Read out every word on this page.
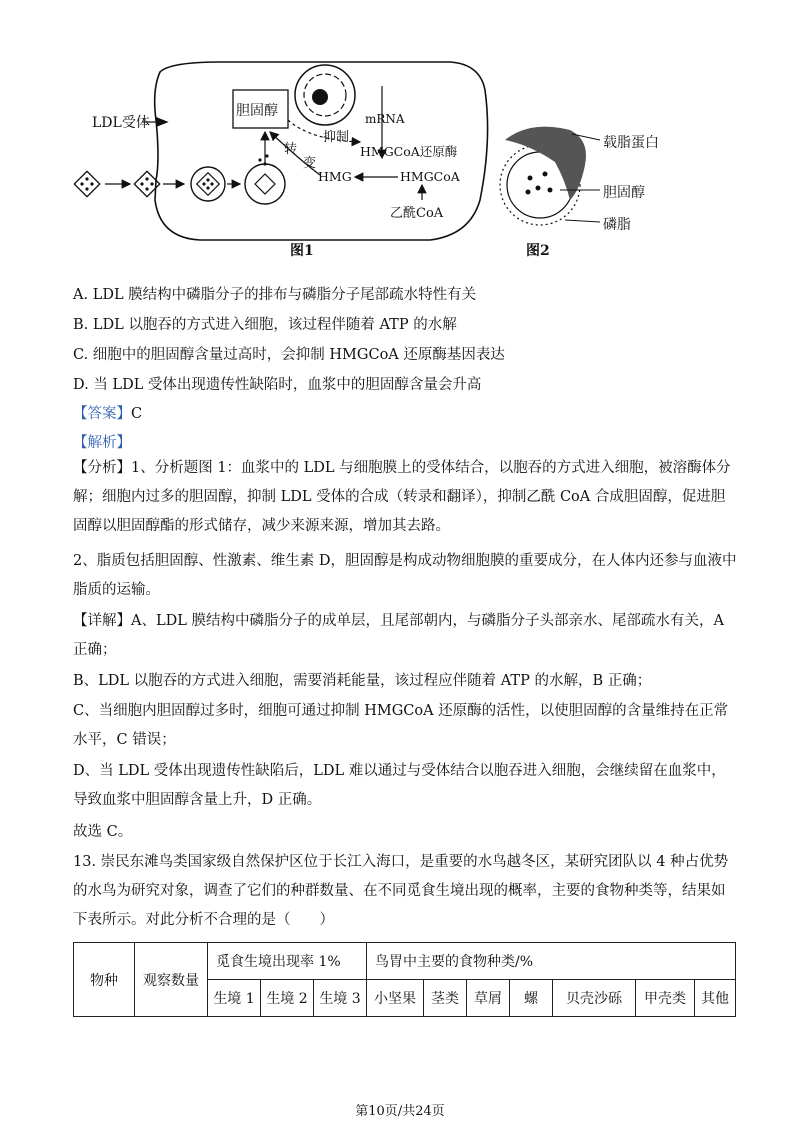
LDL受体
胆固醇
抑制
转
变
mRNA
HMGCoA还原酶
HMG	HMGCoA
乙酰CoA
图1
载脂蛋白
胆固醇
磷脂
图2
A. LDL 膜结构中磷脂分子的排布与磷脂分子尾部疏水特性有关
B. LDL 以胞吞的方式进入细胞，该过程伴随着 ATP 的水解
C. 细胞中的胆固醇含量过高时，会抑制 HMGCoA 还原酶基因表达
D. 当 LDL 受体出现遗传性缺陷时，血浆中的胆固醇含量会升高
【答案】C
【解析】
【分析】1、分析题图 1：血浆中的 LDL 与细胞膜上的受体结合，以胞吞的方式进入细胞，被溶酶体分解；细胞内过多的胆固醇，抑制 LDL 受体的合成（转录和翻译），抑制乙酰 CoA 合成胆固醇，促进胆固醇以胆固醇酯的形式储存，减少来源来源，增加其去路。
2、脂质包括胆固醇、性激素、维生素 D，胆固醇是构成动物细胞膜的重要成分，在人体内还参与血液中脂质的运输。
【详解】A、LDL 膜结构中磷脂分子的成单层，且尾部朝内，与磷脂分子头部亲水、尾部疏水有关，A 正确；
B、LDL 以胞吞的方式进入细胞，需要消耗能量，该过程应伴随着 ATP 的水解，B 正确；
C、当细胞内胆固醇过多时，细胞可通过抑制 HMGCoA 还原酶的活性，以使胆固醇的含量维持在正常水平，C 错误；
D、当 LDL 受体出现遗传性缺陷后，LDL 难以通过与受体结合以胞吞进入细胞，会继续留在血浆中，导致血浆中胆固醇含量上升，D 正确。
故选 C。
13. 崇民东滩鸟类国家级自然保护区位于长江入海口，是重要的水鸟越冬区，某研究团队以 4 种占优势的水鸟为研究对象，调查了它们的种群数量、在不同觅食生境出现的概率，主要的食物种类等，结果如下表所示。对此分析不合理的是（　　）
物种	观察数量	觅食生境出现率 1%			鸟胃中主要的食物种类/%						
		生境 1	生境 2	生境 3	小坚果	茎类	草屑	螺	贝壳沙砾	甲壳类	其他
第10页/共24页
